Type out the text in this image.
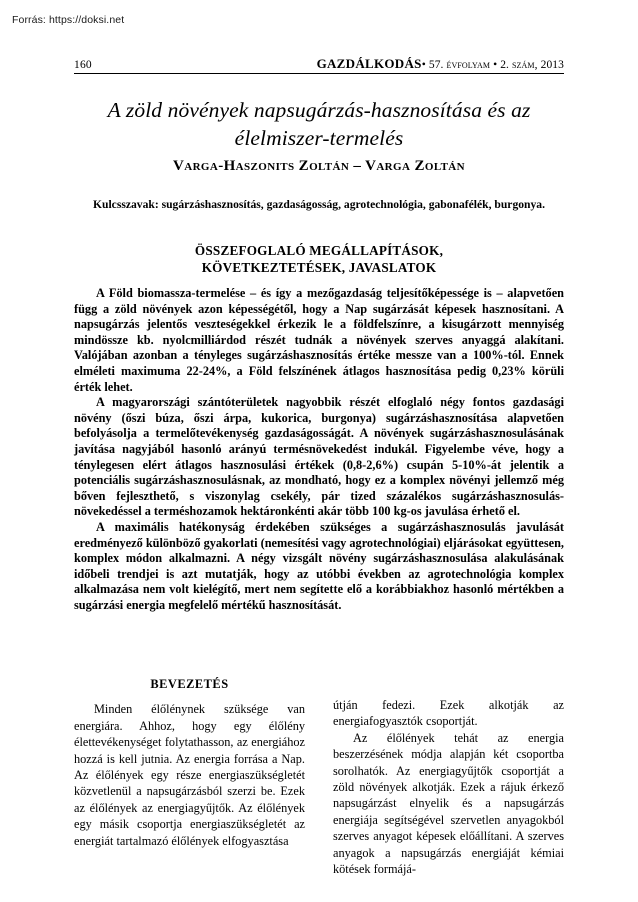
Forrás: https://doksi.net
160	GAZDÁLKODÁS• 57. évfolyam • 2. szám, 2013
A zöld növények napsugárzás-hasznosítása és az élelmiszer-termelés
Varga-Haszonits Zoltán – Varga Zoltán
Kulcsszavak: sugárzáshasznosítás, gazdaságosság, agrotechnológia, gabonafélék, burgonya.
ÖSSZEFOGLALÓ MEGÁLLAPÍTÁSOK,
KÖVETKEZTETÉSEK, JAVASLATOK

A Föld biomassza-termelése – és így a mezőgazdaság teljesítőképessége is – alapvetően függ a zöld növények azon képességétől, hogy a Nap sugárzását képesek hasznosítani. A napsugárzás jelentős veszteségekkel érkezik le a földfelszínre, a kisugárzott mennyiség mindössze kb. nyolcmilliárdod részét tudnák a növények szerves anyaggá alakítani. Valójában azonban a tényleges sugárzáshasznosítás értéke messze van a 100%-tól. Ennek elméleti maximuma 22-24%, a Föld felszínének átlagos hasznosítása pedig 0,23% körüli érték lehet.

A magyarországi szántóterületek nagyobbik részét elfoglaló négy fontos gazdasági növény (őszi búza, őszi árpa, kukorica, burgonya) sugárzáshasznosítása alapvetően befolyásolja a termelőtevékenység gazdaságosságát. A növények sugárzáshasznosulásának javítása nagyjából hasonló arányú termésnövekedést indukál. Figyelembe véve, hogy a ténylegesen elért átlagos hasznosulási értékek (0,8-2,6%) csupán 5-10%-át jelentik a potenciális sugárzáshasznosulásnak, az mondható, hogy ez a komplex növényi jellemző még bőven fejleszthető, s viszonylag csekély, pár tized százalékos sugárzáshasznosulás-növekedéssel a terméshozamok hektáronkénti akár több 100 kg-os javulása érhető el.

A maximális hatékonyság érdekében szükséges a sugárzáshasznosulás javulását eredményező különböző gyakorlati (nemesítési vagy agrotechnológiai) eljárásokat együttesen, komplex módon alkalmazni. A négy vizsgált növény sugárzáshasznosulása alakulásának időbeli trendjei is azt mutatják, hogy az utóbbi években az agrotechnológia komplex alkalmazása nem volt kielégítő, mert nem segítette elő a korábbiakhoz hasonló mértékben a sugárzási energia megfelelő mértékű hasznosítását.

BEVEZETÉS

Minden élőlénynek szüksége van energiára. Ahhoz, hogy egy élőlény élettevékenységet folytathasson, az energiához hozzá is kell jutnia. Az energia forrása a Nap. Az élőlények egy része energiaszükségletét közvetlenül a napsugárzásból szerzi be. Ezek az élőlények az energiagyűjtők. Az élőlények egy másik csoportja energiaszükségletét az energiát tartalmazó élőlények elfogyasztása

útján fedezi. Ezek alkotják az energiafogyasztók csoportját.

Az élőlények tehát az energia beszerzésének módja alapján két csoportba sorolhatók. Az energiagyűjtők csoportját a zöld növények alkotják. Ezek a rájuk érkező napsugárzást elnyelik és a napsugárzás energiája segítségével szervetlen anyagokból szerves anyagot képesek előállítani. A szerves anyagok a napsugárzás energiáját kémiai kötések formájá-
